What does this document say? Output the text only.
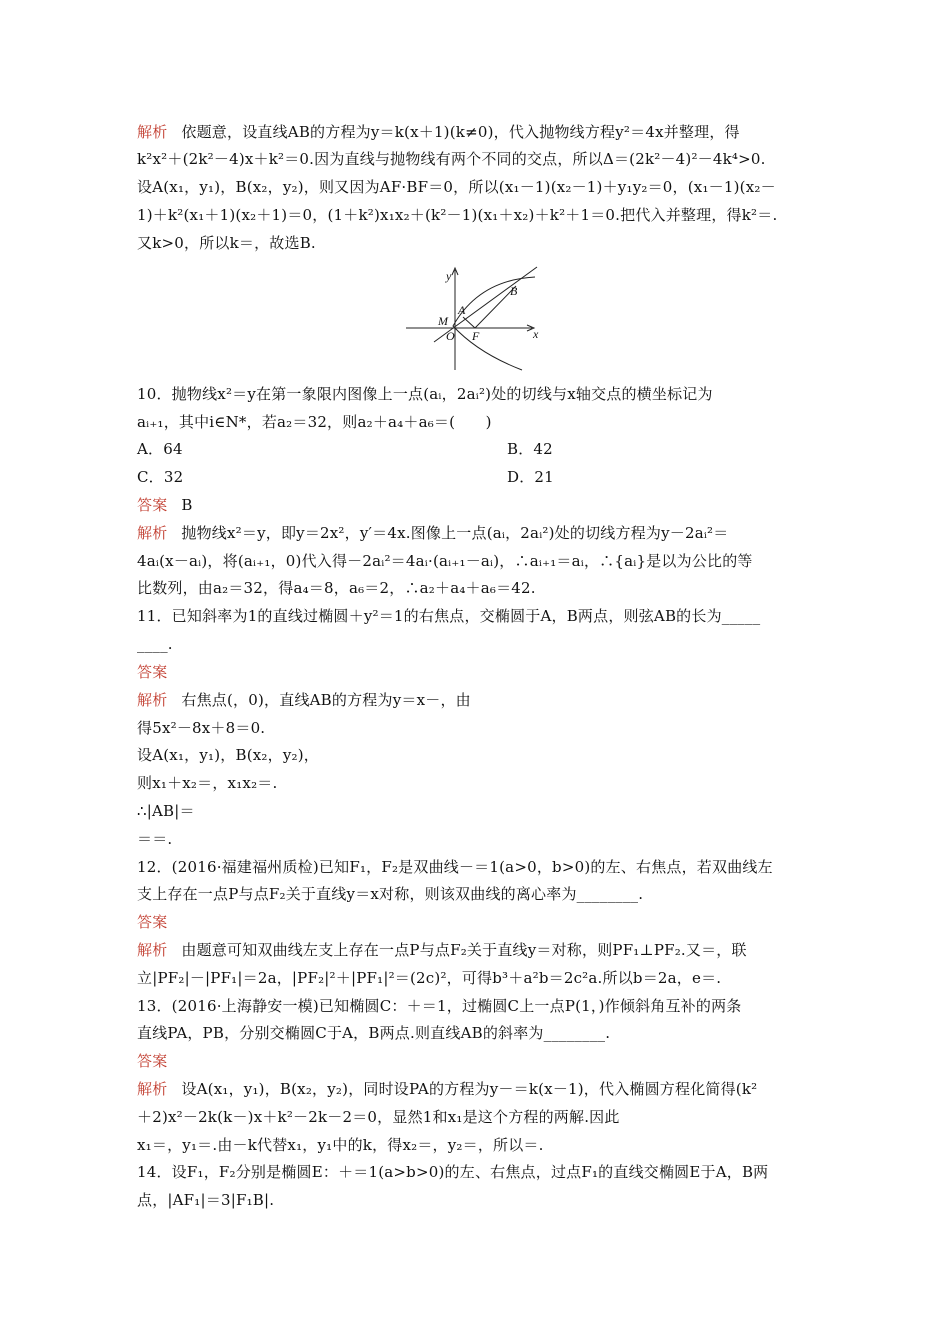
解析 依题意，设直线AB的方程为y＝k(x＋1)(k≠0)，代入抛物线方程y²＝4x并整理，得
k²x²＋(2k²－4)x＋k²＝0.因为直线与抛物线有两个不同的交点，所以Δ＝(2k²－4)²－4k⁴>0.
设A(x₁，y₁)，B(x₂，y₂)，则又因为AF·BF＝0，所以(x₁－1)(x₂－1)＋y₁y₂＝0，(x₁－1)(x₂－
1)＋k²(x₁＋1)(x₂＋1)＝0，(1＋k²)x₁x₂＋(k²－1)(x₁＋x₂)＋k²＋1＝0.把代入并整理，得k²＝.
又k>0，所以k＝，故选B.
y
x
B
A
M
O F
10．抛物线x²＝y在第一象限内图像上一点(aᵢ，2aᵢ²)处的切线与x轴交点的横坐标记为
aᵢ₊₁，其中i∈N*，若a₂＝32，则a₂＋a₄＋a₆＝(　　)
A．64	B．42
C．32	D．21
答案 B
解析 抛物线x²＝y，即y＝2x²，y′＝4x.图像上一点(aᵢ，2aᵢ²)处的切线方程为y－2aᵢ²＝
4aᵢ(x－aᵢ)，将(aᵢ₊₁，0)代入得－2aᵢ²＝4aᵢ·(aᵢ₊₁－aᵢ)，∴aᵢ₊₁＝aᵢ，∴{aᵢ}是以为公比的等
比数列，由a₂＝32，得a₄＝8，a₆＝2，∴a₂＋a₄＋a₆＝42.
11．已知斜率为1的直线过椭圆＋y²＝1的右焦点，交椭圆于A，B两点，则弦AB的长为_____
____.
答案
解析 右焦点(，0)，直线AB的方程为y＝x－，由
得5x²－8x＋8＝0.
设A(x₁，y₁)，B(x₂，y₂)，
则x₁＋x₂＝，x₁x₂＝.
∴|AB|＝
＝＝.
12．(2016·福建福州质检)已知F₁，F₂是双曲线－＝1(a>0，b>0)的左、右焦点，若双曲线左
支上存在一点P与点F₂关于直线y＝x对称，则该双曲线的离心率为________.
答案
解析 由题意可知双曲线左支上存在一点P与点F₂关于直线y＝对称，则PF₁⊥PF₂.又＝，联
立|PF₂|－|PF₁|＝2a，|PF₂|²＋|PF₁|²＝(2c)²，可得b³＋a²b＝2c²a.所以b＝2a，e＝.
13．(2016·上海静安一模)已知椭圆C：＋＝1，过椭圆C上一点P(1，)作倾斜角互补的两条
直线PA，PB，分别交椭圆C于A，B两点.则直线AB的斜率为________.
答案
解析 设A(x₁，y₁)，B(x₂，y₂)，同时设PA的方程为y－＝k(x－1)，代入椭圆方程化简得(k²
＋2)x²－2k(k－)x＋k²－2k－2＝0，显然1和x₁是这个方程的两解.因此
x₁＝，y₁＝.由－k代替x₁，y₁中的k，得x₂＝，y₂＝，所以＝.
14．设F₁，F₂分别是椭圆E：＋＝1(a>b>0)的左、右焦点，过点F₁的直线交椭圆E于A，B两
点，|AF₁|＝3|F₁B|.
